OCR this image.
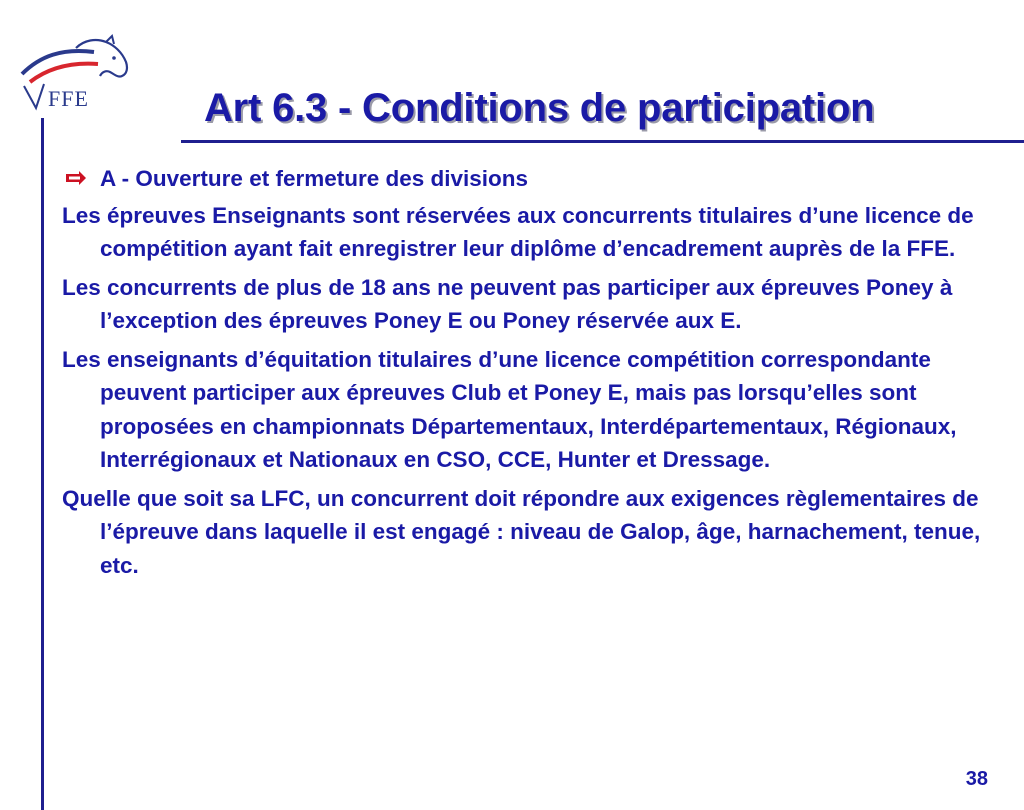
FFE	Art 6.3 - Conditions de participation
A - Ouverture et fermeture des divisions
Les épreuves Enseignants sont réservées aux concurrents titulaires d’une licence de compétition ayant fait enregistrer leur diplôme d’encadrement auprès de la FFE.
Les concurrents de plus de 18 ans ne peuvent pas participer aux épreuves Poney à l’exception des épreuves Poney E ou Poney réservée aux E.
Les enseignants d’équitation titulaires d’une licence compétition correspondante peuvent participer aux épreuves Club et Poney E, mais pas lorsqu’elles sont proposées en championnats Départementaux, Interdépartementaux, Régionaux, Interrégionaux et Nationaux en CSO, CCE, Hunter et Dressage.
Quelle que soit sa LFC, un concurrent doit répondre aux exigences règlementaires de l’épreuve dans laquelle il est engagé : niveau de Galop, âge, harnachement, tenue, etc.
38
